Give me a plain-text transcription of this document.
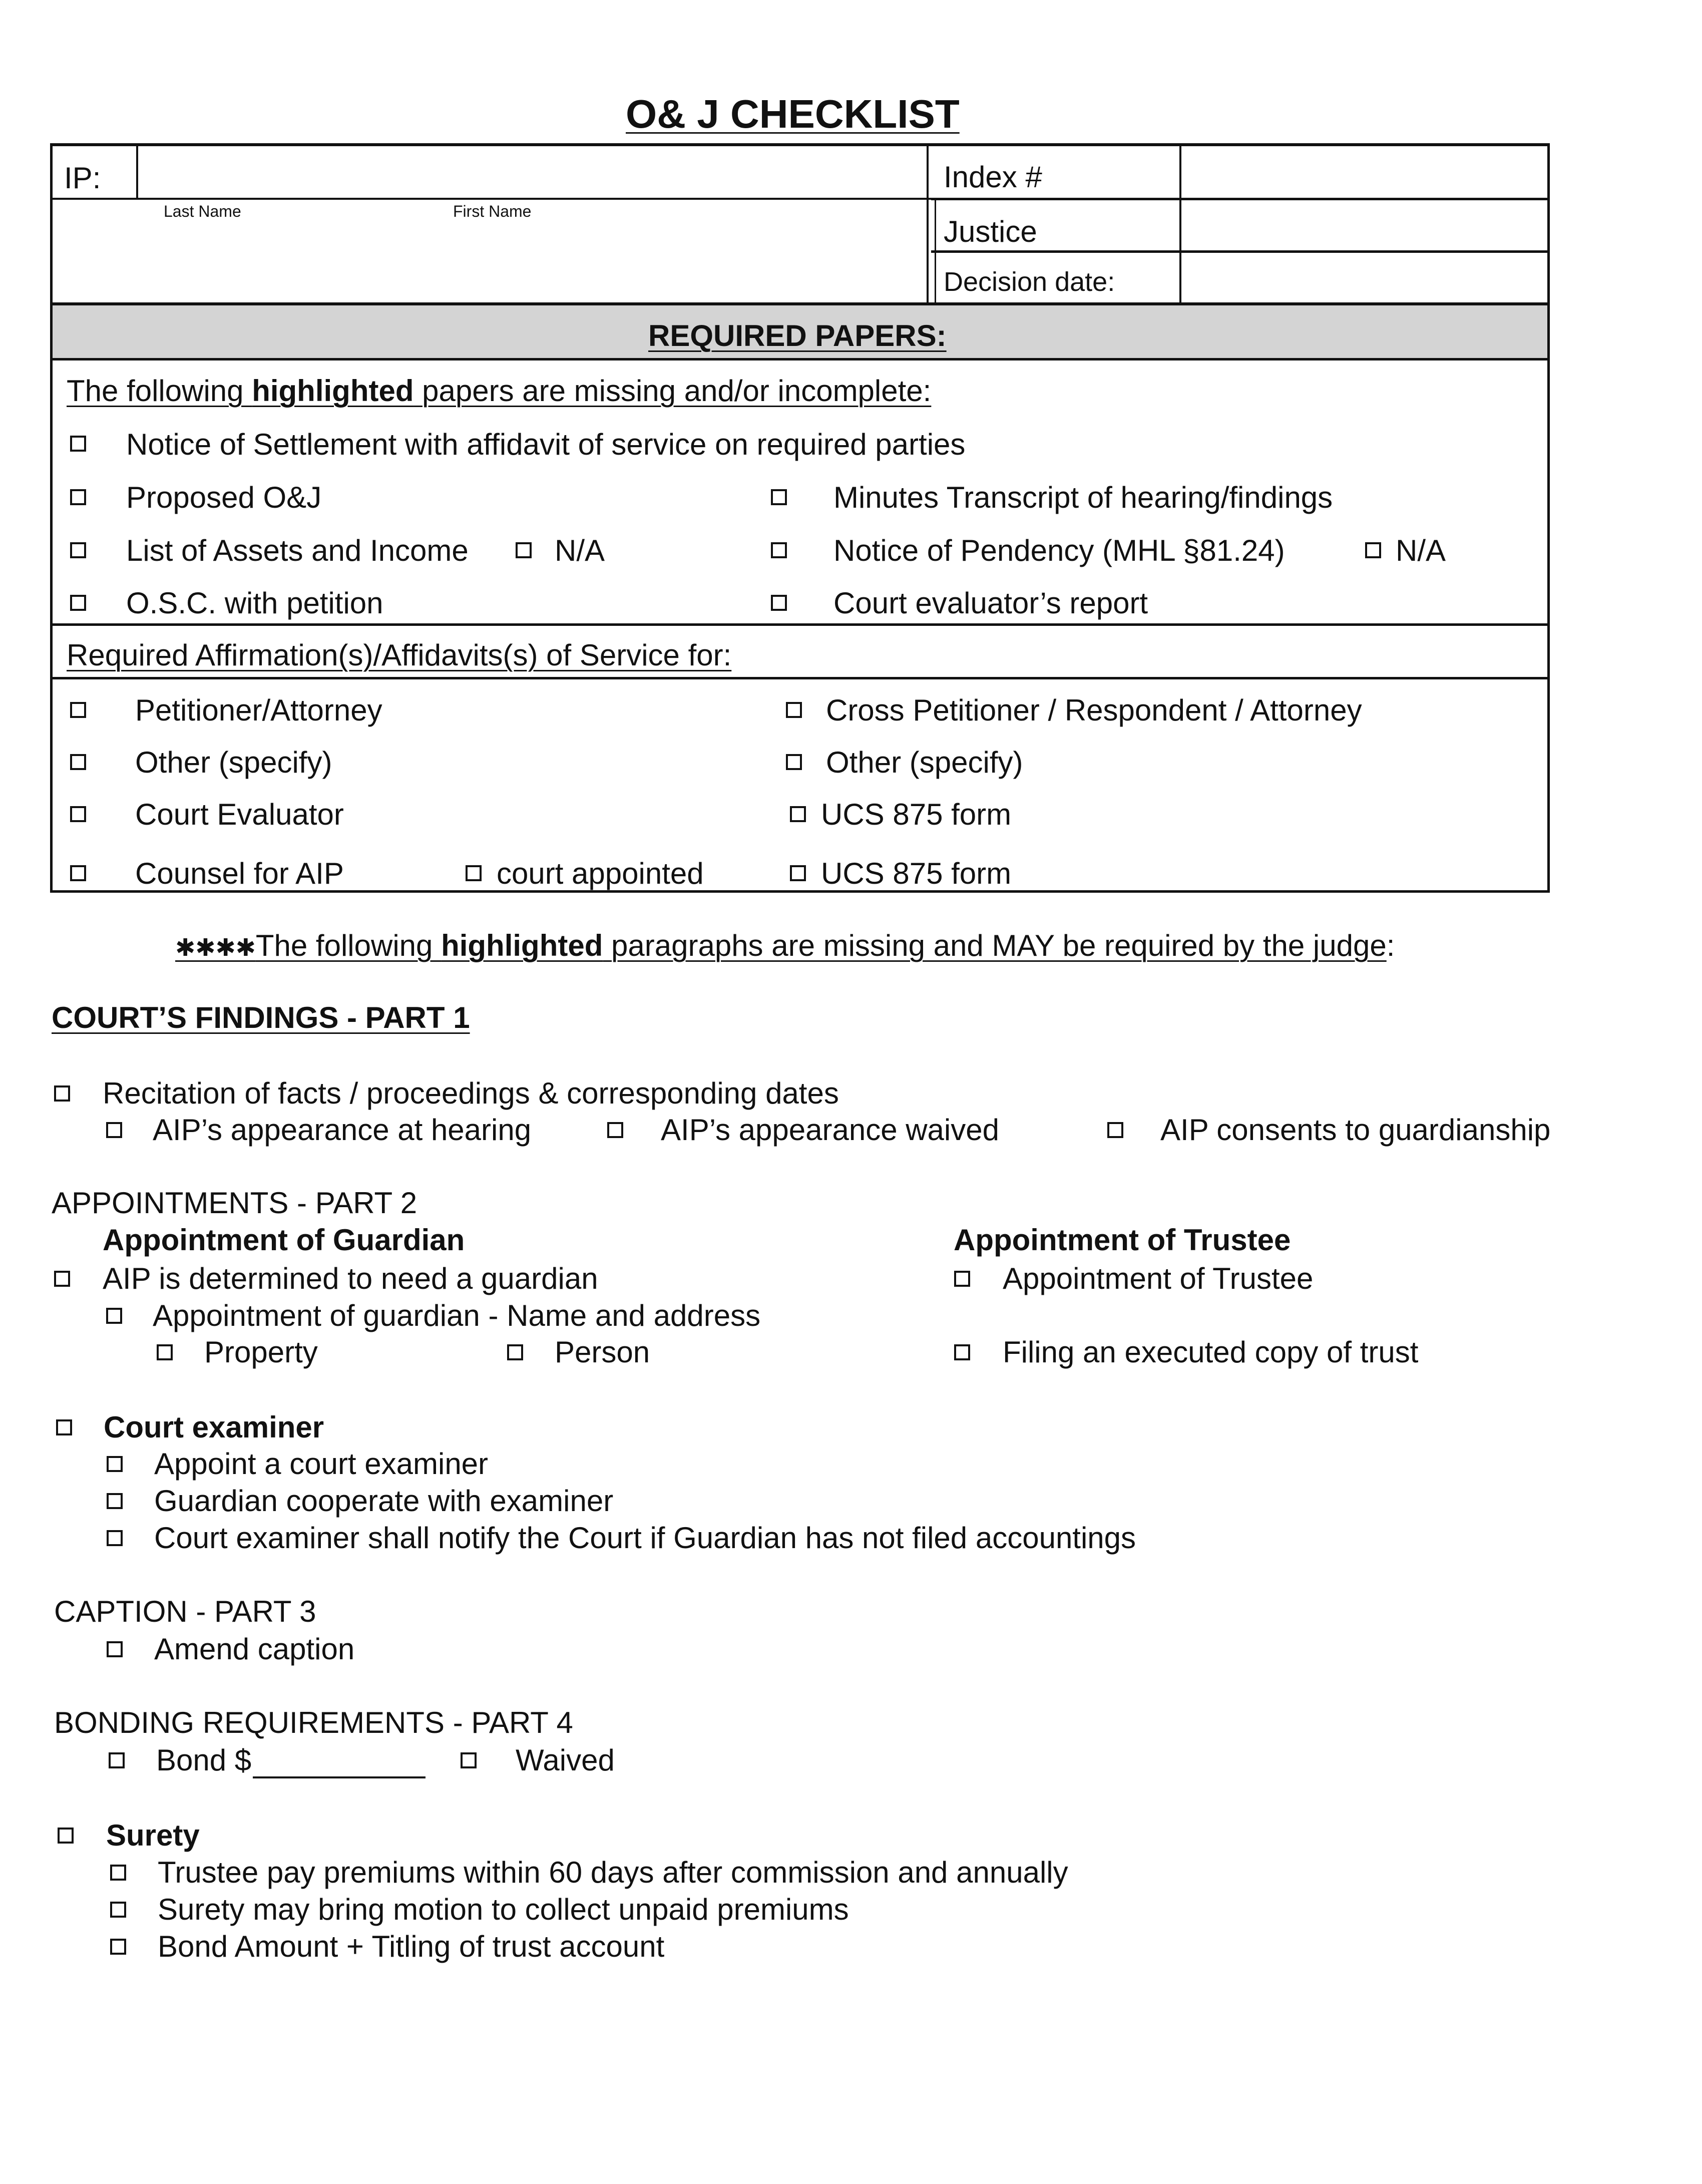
O& J CHECKLIST
IP:
Last Name	First Name
Index #
Justice
Decision date:
REQUIRED PAPERS:
The following highlighted papers are missing and/or incomplete:
Notice of Settlement with affidavit of service on required parties
Proposed O&J	Minutes Transcript of hearing/findings
List of Assets and Income	N/A	Notice of Pendency (MHL §81.24)	N/A
O.S.C. with petition	Court evaluator’s report
Required Affirmation(s)/Affidavits(s) of Service for:
Petitioner/Attorney	Cross Petitioner / Respondent / Attorney
Other (specify)	Other (specify)
Court Evaluator	UCS 875 form
Counsel for AIP	court appointed	UCS 875 form
✱✱✱✱The following highlighted paragraphs are missing and MAY be required by the judge:
COURT’S FINDINGS - PART 1
Recitation of facts / proceedings & corresponding dates
AIP’s appearance at hearing	AIP’s appearance waived	AIP consents to guardianship
APPOINTMENTS - PART 2
Appointment of Guardian	Appointment of Trustee
AIP is determined to need a guardian	Appointment of Trustee
Appointment of guardian - Name and address
Property	Person	Filing an executed copy of trust
Court examiner
Appoint a court examiner
Guardian cooperate with examiner
Court examiner shall notify the Court if Guardian has not filed accountings
CAPTION - PART 3
Amend caption
BONDING REQUIREMENTS - PART 4
Bond $	Waived
Surety
Trustee pay premiums within 60 days after commission and annually
Surety may bring motion to collect unpaid premiums
Bond Amount + Titling of trust account
